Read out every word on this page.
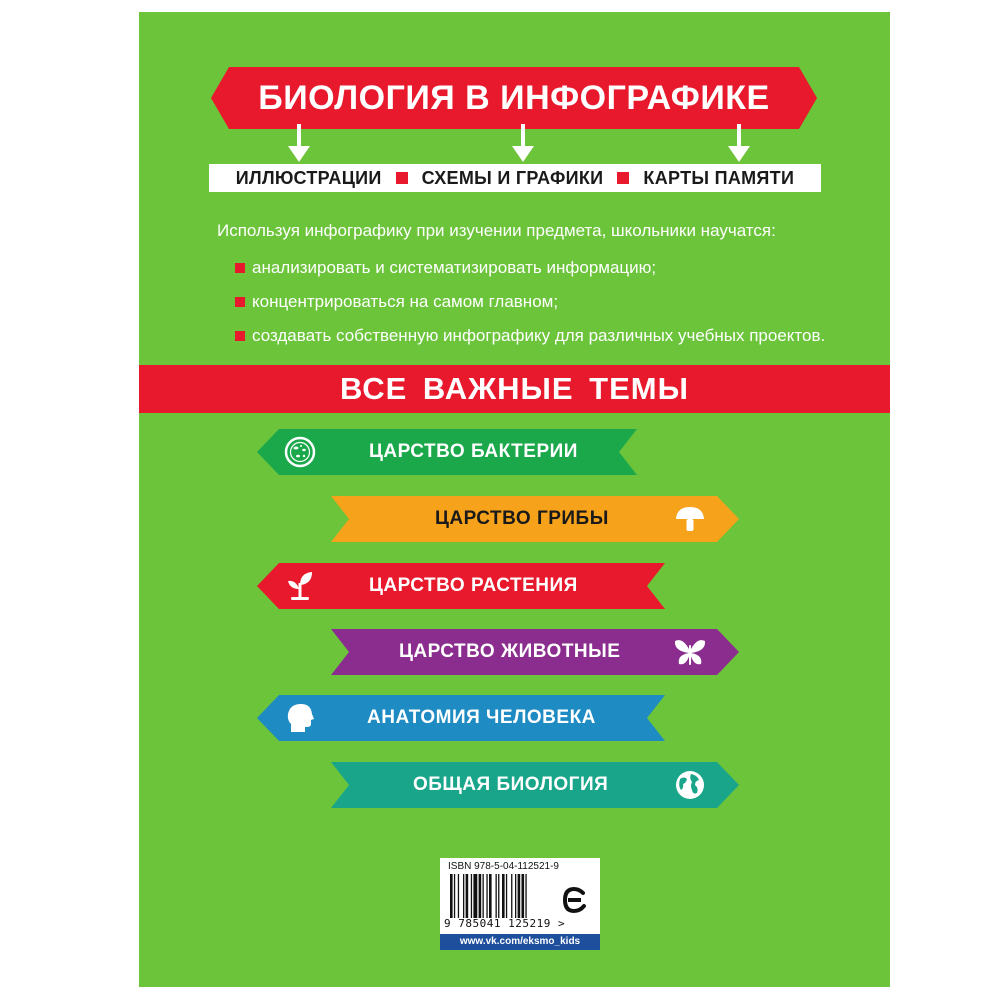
БИОЛОГИЯ В ИНФОГРАФИКЕ
ИЛЛЮСТРАЦИИ СХЕМЫ И ГРАФИКИ КАРТЫ ПАМЯТИ
Используя инфографику при изучении предмета, школьники научатся:
анализировать и систематизировать информацию;
концентрироваться на самом главном;
создавать собственную инфографику для различных учебных проектов.
ВСЕ ВАЖНЫЕ ТЕМЫ
ЦАРСТВО БАКТЕРИИ
ЦАРСТВО ГРИБЫ
ЦАРСТВО РАСТЕНИЯ
ЦАРСТВО ЖИВОТНЫЕ
АНАТОМИЯ ЧЕЛОВЕКА
ОБЩАЯ БИОЛОГИЯ
ISBN 978-5-04-112521-9
9 785041 125219 >
www.vk.com/eksmo_kids
